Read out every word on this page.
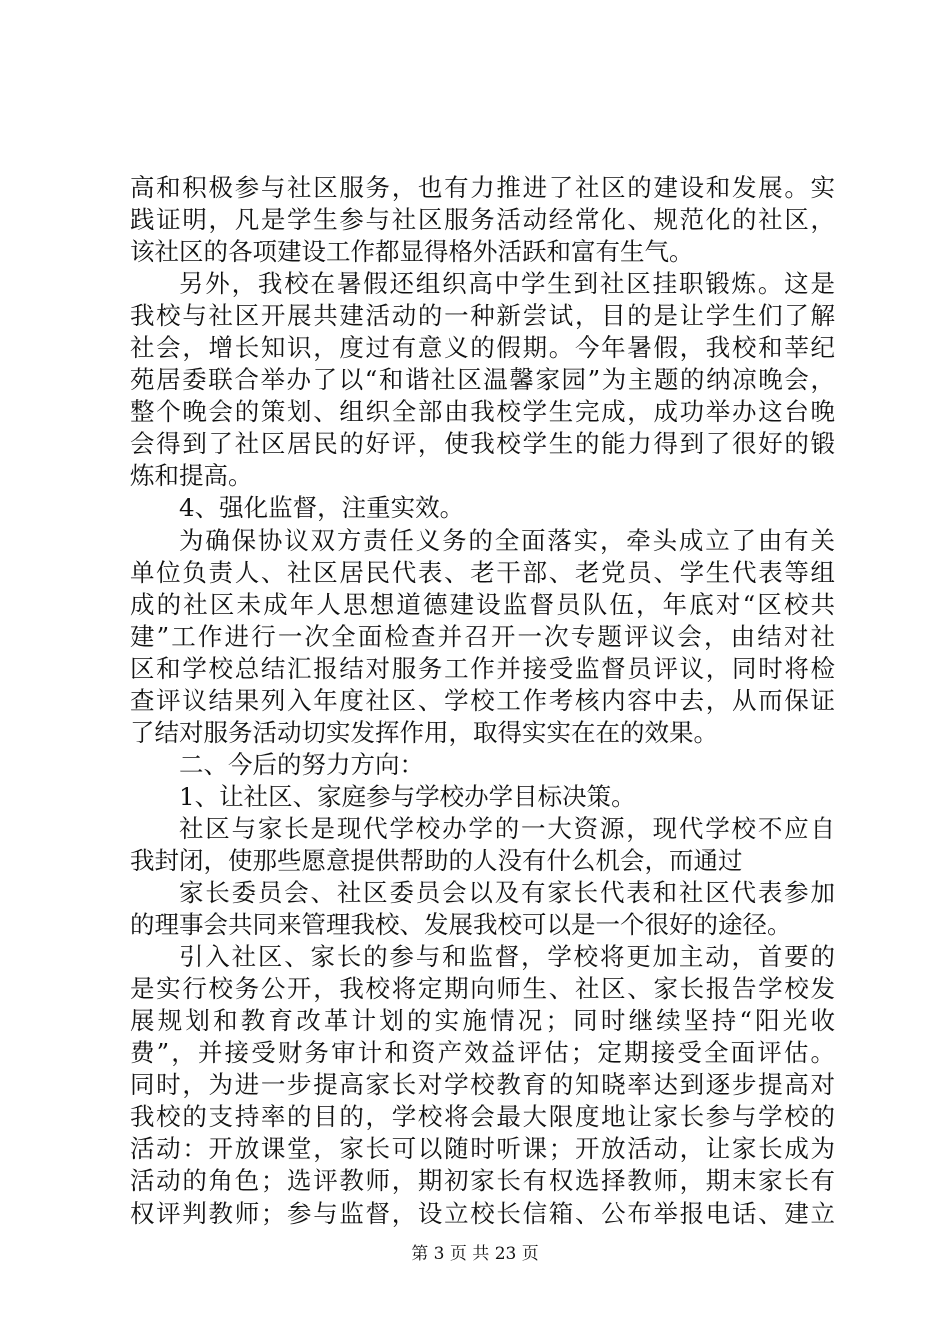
高和积极参与社区服务，也有力推进了社区的建设和发展。实
践证明，凡是学生参与社区服务活动经常化、规范化的社区，
该社区的各项建设工作都显得格外活跃和富有生气。
另外，我校在暑假还组织高中学生到社区挂职锻炼。这是
我校与社区开展共建活动的一种新尝试，目的是让学生们了解
社会，增长知识，度过有意义的假期。今年暑假，我校和莘纪
苑居委联合举办了以“和谐社区温馨家园”为主题的纳凉晚会，
整个晚会的策划、组织全部由我校学生完成，成功举办这台晚
会得到了社区居民的好评，使我校学生的能力得到了很好的锻
炼和提高。
4、强化监督，注重实效。
为确保协议双方责任义务的全面落实，牵头成立了由有关
单位负责人、社区居民代表、老干部、老党员、学生代表等组
成的社区未成年人思想道德建设监督员队伍，年底对“区校共
建”工作进行一次全面检查并召开一次专题评议会，由结对社
区和学校总结汇报结对服务工作并接受监督员评议，同时将检
查评议结果列入年度社区、学校工作考核内容中去，从而保证
了结对服务活动切实发挥作用，取得实实在在的效果。
二、今后的努力方向：
1、让社区、家庭参与学校办学目标决策。
社区与家长是现代学校办学的一大资源，现代学校不应自
我封闭，使那些愿意提供帮助的人没有什么机会，而通过
家长委员会、社区委员会以及有家长代表和社区代表参加
的理事会共同来管理我校、发展我校可以是一个很好的途径。
引入社区、家长的参与和监督，学校将更加主动，首要的
是实行校务公开，我校将定期向师生、社区、家长报告学校发
展规划和教育改革计划的实施情况；同时继续坚持“阳光收
费”，并接受财务审计和资产效益评估；定期接受全面评估。
同时，为进一步提高家长对学校教育的知晓率达到逐步提高对
我校的支持率的目的，学校将会最大限度地让家长参与学校的
活动：开放课堂，家长可以随时听课；开放活动，让家长成为
活动的角色；选评教师，期初家长有权选择教师，期末家长有
权评判教师；参与监督，设立校长信箱、公布举报电话、建立
第 3 页 共 23 页
